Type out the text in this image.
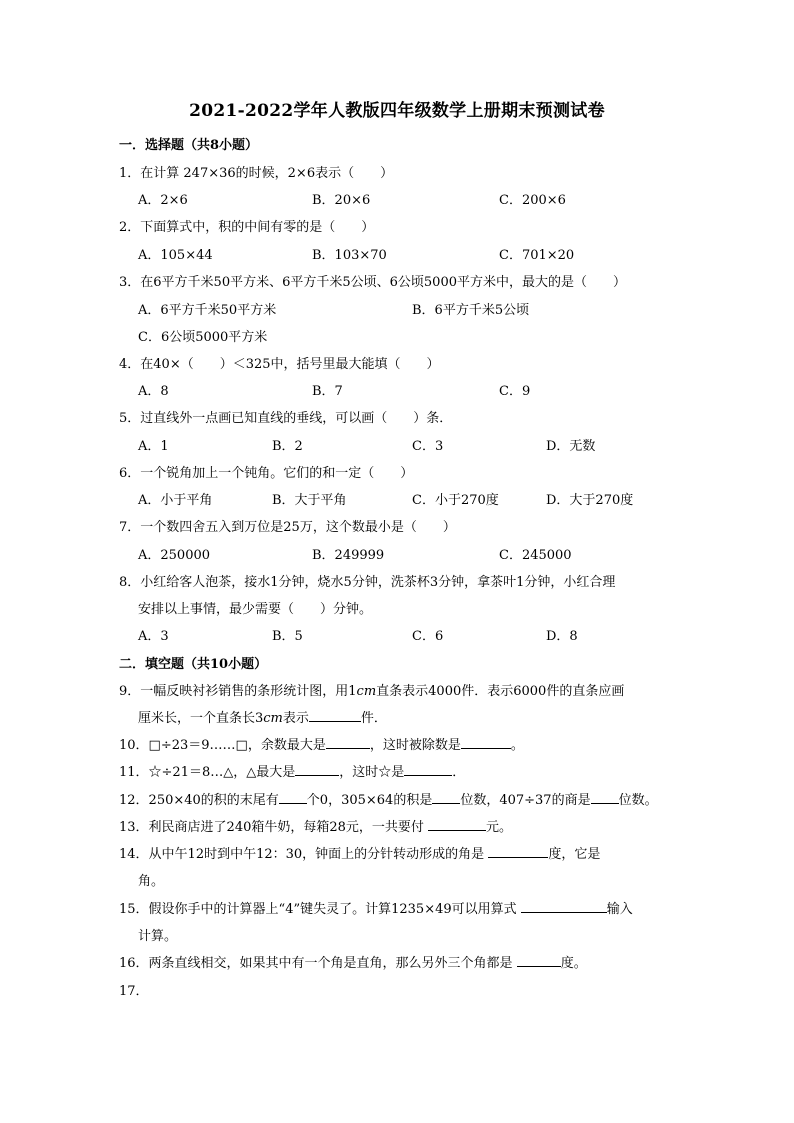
2021-2022学年人教版四年级数学上册期末预测试卷
一．选择题（共8小题）
1．在计算 247×36的时候，2×6表示（　　）
A．2×6	B．20×6	C．200×6
2．下面算式中，积的中间有零的是（　　）
A．105×44	B．103×70	C．701×20
3．在6平方千米50平方米、6平方千米5公顷、6公顷5000平方米中，最大的是（　　）
A．6平方千米50平方米	B．6平方千米5公顷
C．6公顷5000平方米
4．在40×（　　）＜325中，括号里最大能填（　　）
A．8	B．7	C．9
5．过直线外一点画已知直线的垂线，可以画（　　）条．
A．1	B．2	C．3	D．无数
6．一个锐角加上一个钝角。它们的和一定（　　）
A．小于平角	B．大于平角	C．小于270度	D．大于270度
7．一个数四舍五入到万位是25万，这个数最小是（　　）
A．250000	B．249999	C．245000
8．小红给客人泡茶，接水1分钟，烧水5分钟，洗茶杯3分钟，拿茶叶1分钟，小红合理
安排以上事情，最少需要（　　）分钟。
A．3	B．5	C．6	D．8
二．填空题（共10小题）
9．一幅反映衬衫销售的条形统计图，用1cm直条表示4000件．表示6000件的直条应画
厘米长，一个直条长3cm表示	件．
10．□÷23＝9……□，余数最大是	，这时被除数是	。
11．☆÷21＝8…△，△最大是	，这时☆是	．
12．250×40的积的末尾有 个0，305×64的积是 位数，407÷37的商是 位数。
13．利民商店进了240箱牛奶，每箱28元，一共要付	元。
14．从中午12时到中午12：30，钟面上的分针转动形成的角是	度，它是
角。
15．假设你手中的计算器上“4”键失灵了。计算1235×49可以用算式	输入
计算。
16．两条直线相交，如果其中有一个角是直角，那么另外三个角都是	度。
17．
